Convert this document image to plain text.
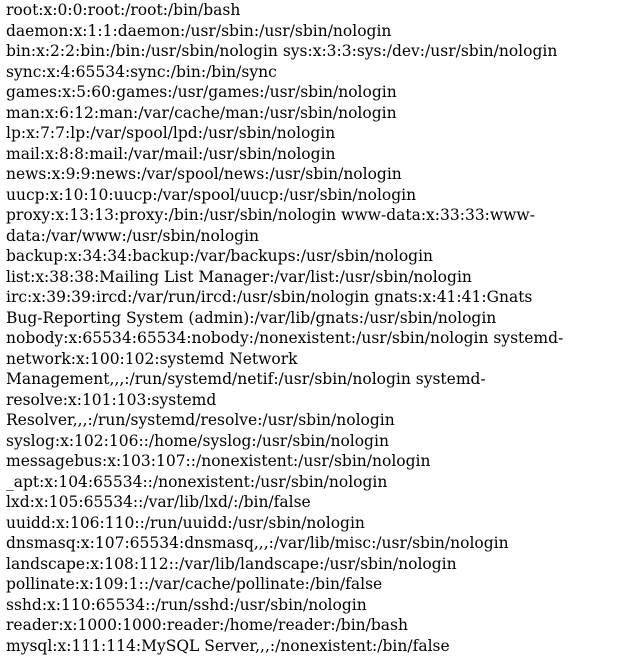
root:x:0:0:root:/root:/bin/bash
daemon:x:1:1:daemon:/usr/sbin:/usr/sbin/nologin
bin:x:2:2:bin:/bin:/usr/sbin/nologin sys:x:3:3:sys:/dev:/usr/sbin/nologin
sync:x:4:65534:sync:/bin:/bin/sync
games:x:5:60:games:/usr/games:/usr/sbin/nologin
man:x:6:12:man:/var/cache/man:/usr/sbin/nologin
lp:x:7:7:lp:/var/spool/lpd:/usr/sbin/nologin
mail:x:8:8:mail:/var/mail:/usr/sbin/nologin
news:x:9:9:news:/var/spool/news:/usr/sbin/nologin
uucp:x:10:10:uucp:/var/spool/uucp:/usr/sbin/nologin
proxy:x:13:13:proxy:/bin:/usr/sbin/nologin www-data:x:33:33:www-
data:/var/www:/usr/sbin/nologin
backup:x:34:34:backup:/var/backups:/usr/sbin/nologin
list:x:38:38:Mailing List Manager:/var/list:/usr/sbin/nologin
irc:x:39:39:ircd:/var/run/ircd:/usr/sbin/nologin gnats:x:41:41:Gnats
Bug-Reporting System (admin):/var/lib/gnats:/usr/sbin/nologin
nobody:x:65534:65534:nobody:/nonexistent:/usr/sbin/nologin systemd-
network:x:100:102:systemd Network
Management,,,:/run/systemd/netif:/usr/sbin/nologin systemd-
resolve:x:101:103:systemd
Resolver,,,:/run/systemd/resolve:/usr/sbin/nologin
syslog:x:102:106::/home/syslog:/usr/sbin/nologin
messagebus:x:103:107::/nonexistent:/usr/sbin/nologin
_apt:x:104:65534::/nonexistent:/usr/sbin/nologin
lxd:x:105:65534::/var/lib/lxd/:/bin/false
uuidd:x:106:110::/run/uuidd:/usr/sbin/nologin
dnsmasq:x:107:65534:dnsmasq,,,:/var/lib/misc:/usr/sbin/nologin
landscape:x:108:112::/var/lib/landscape:/usr/sbin/nologin
pollinate:x:109:1::/var/cache/pollinate:/bin/false
sshd:x:110:65534::/run/sshd:/usr/sbin/nologin
reader:x:1000:1000:reader:/home/reader:/bin/bash
mysql:x:111:114:MySQL Server,,,:/nonexistent:/bin/false
